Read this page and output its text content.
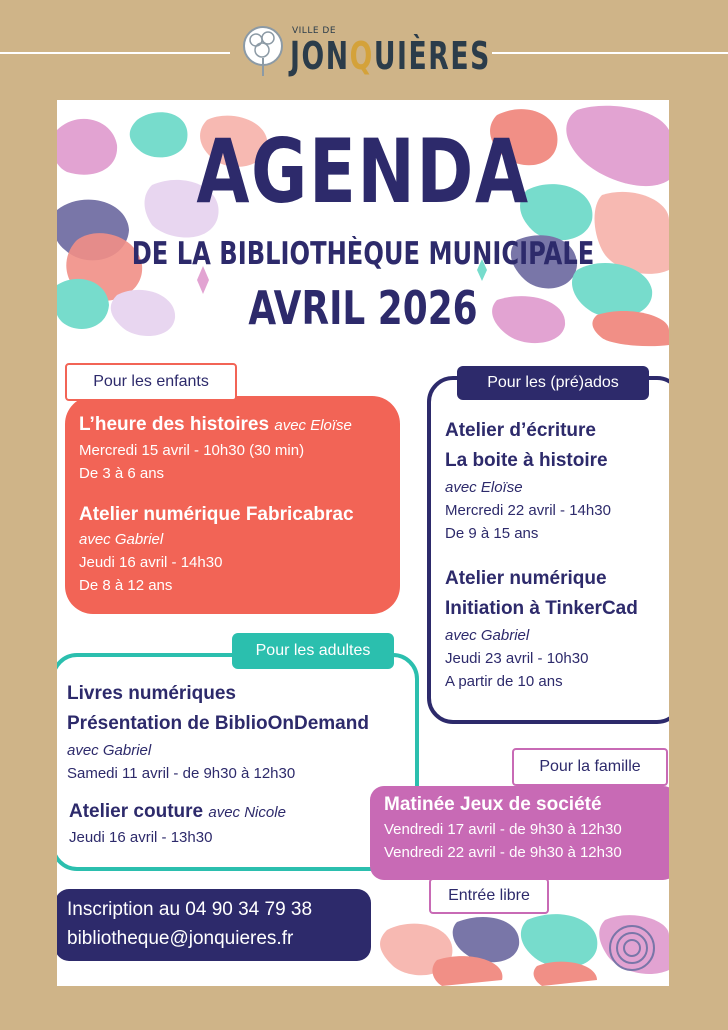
VILLE DE
JONQUIÈRES
AGENDA
DE LA BIBLIOTHÈQUE MUNICIPALE
AVRIL 2026
L’heure des histoires avec Eloïse
Mercredi 15 avril - 10h30 (30 min)
De 3 à 6 ans
Atelier numérique Fabricabrac
avec Gabriel
Jeudi 16 avril - 14h30
De 8 à 12 ans
Pour les enfants
Atelier d’écriture
La boite à histoire
avec Eloïse
Mercredi 22 avril - 14h30
De 9 à 15 ans
Atelier numérique
Initiation à TinkerCad
avec Gabriel
Jeudi 23 avril - 10h30
A partir de 10 ans
Pour les (pré)ados
Livres numériques
Présentation de BiblioOnDemand
avec Gabriel
Samedi 11 avril - de 9h30 à 12h30
Atelier couture avec Nicole
Jeudi 16 avril - 13h30
Pour les adultes
Pour la famille
Matinée Jeux de société
Vendredi 17 avril - de 9h30 à 12h30
Vendredi 22 avril - de 9h30 à 12h30
Entrée libre
Inscription au 04 90 34 79 38
bibliotheque@jonquieres.fr
